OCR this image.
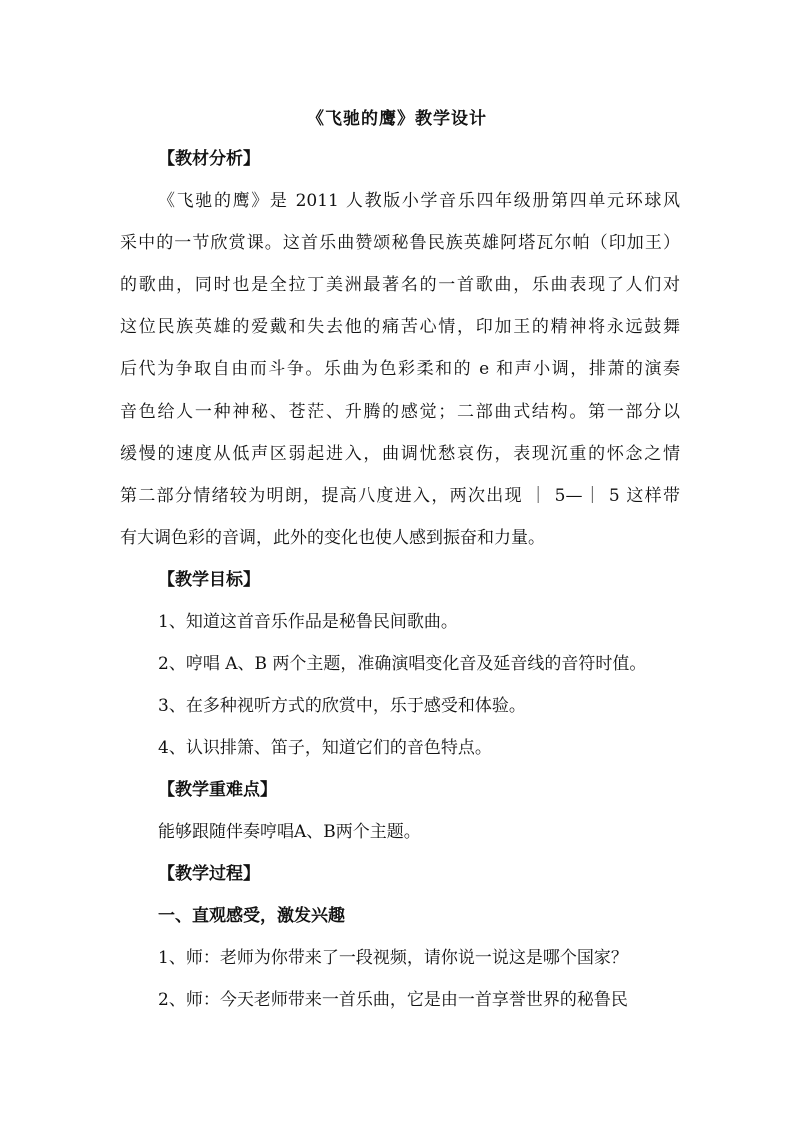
《飞驰的鹰》教学设计
【教材分析】
《飞驰的鹰》是 2011 人教版小学音乐四年级册第四单元环球风
采中的一节欣赏课。这首乐曲赞颂秘鲁民族英雄阿塔瓦尔帕（印加王）
的歌曲，同时也是全拉丁美洲最著名的一首歌曲，乐曲表现了人们对
这位民族英雄的爱戴和失去他的痛苦心情，印加王的精神将永远鼓舞
后代为争取自由而斗争。乐曲为色彩柔和的 e 和声小调，排萧的演奏
音色给人一种神秘、苍茫、升腾的感觉；二部曲式结构。第一部分以
缓慢的速度从低声区弱起进入，曲调忧愁哀伤，表现沉重的怀念之情
第二部分情绪较为明朗，提高八度进入，两次出现 ｜ 5—｜ 5 这样带
有大调色彩的音调，此外的变化也使人感到振奋和力量。
【教学目标】
1、知道这首音乐作品是秘鲁民间歌曲。
2、哼唱 A、B 两个主题，准确演唱变化音及延音线的音符时值。
3、在多种视听方式的欣赏中，乐于感受和体验。
4、认识排箫、笛子，知道它们的音色特点。
【教学重难点】
能够跟随伴奏哼唱A、B两个主题。
【教学过程】
一、直观感受，激发兴趣
1、师：老师为你带来了一段视频，请你说一说这是哪个国家？
2、师：今天老师带来一首乐曲，它是由一首享誉世界的秘鲁民
